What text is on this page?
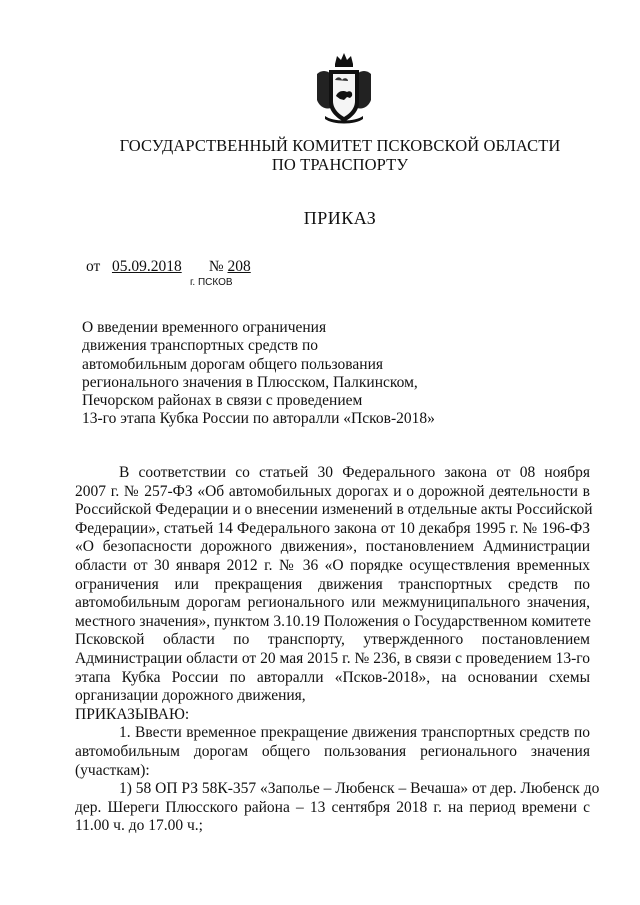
ГОСУДАРСТВЕННЫЙ КОМИТЕТ ПСКОВСКОЙ ОБЛАСТИ
ПО ТРАНСПОРТУ
ПРИКАЗ
от 05.09.2018 № 208
г. ПСКОВ
О введении временного ограничения
движения транспортных средств по
автомобильным дорогам общего пользования
регионального значения в Плюсском, Палкинском,
Печорском районах в связи с проведением
13-го этапа Кубка России по авторалли «Псков-2018»
В соответствии со статьей 30 Федерального закона от 08 ноября
2007 г. № 257-ФЗ «Об автомобильных дорогах и о дорожной деятельности в
Российской Федерации и о внесении изменений в отдельные акты Российской
Федерации», статьей 14 Федерального закона от 10 декабря 1995 г. № 196-ФЗ
«О безопасности дорожного движения», постановлением Администрации
области от 30 января 2012 г. № 36 «О порядке осуществления временных
ограничения или прекращения движения транспортных средств по
автомобильным дорогам регионального или межмуниципального значения,
местного значения», пунктом 3.10.19 Положения о Государственном комитете
Псковской области по транспорту, утвержденного постановлением
Администрации области от 20 мая 2015 г. № 236, в связи с проведением 13-го
этапа Кубка России по авторалли «Псков-2018», на основании схемы
организации дорожного движения,
ПРИКАЗЫВАЮ:
1. Ввести временное прекращение движения транспортных средств по
автомобильным дорогам общего пользования регионального значения
(участкам):
1) 58 ОП РЗ 58К-357 «Заполье – Любенск – Вечаша» от дер. Любенск до
дер. Шереги Плюсского района – 13 сентября 2018 г. на период времени с
11.00 ч. до 17.00 ч.;
